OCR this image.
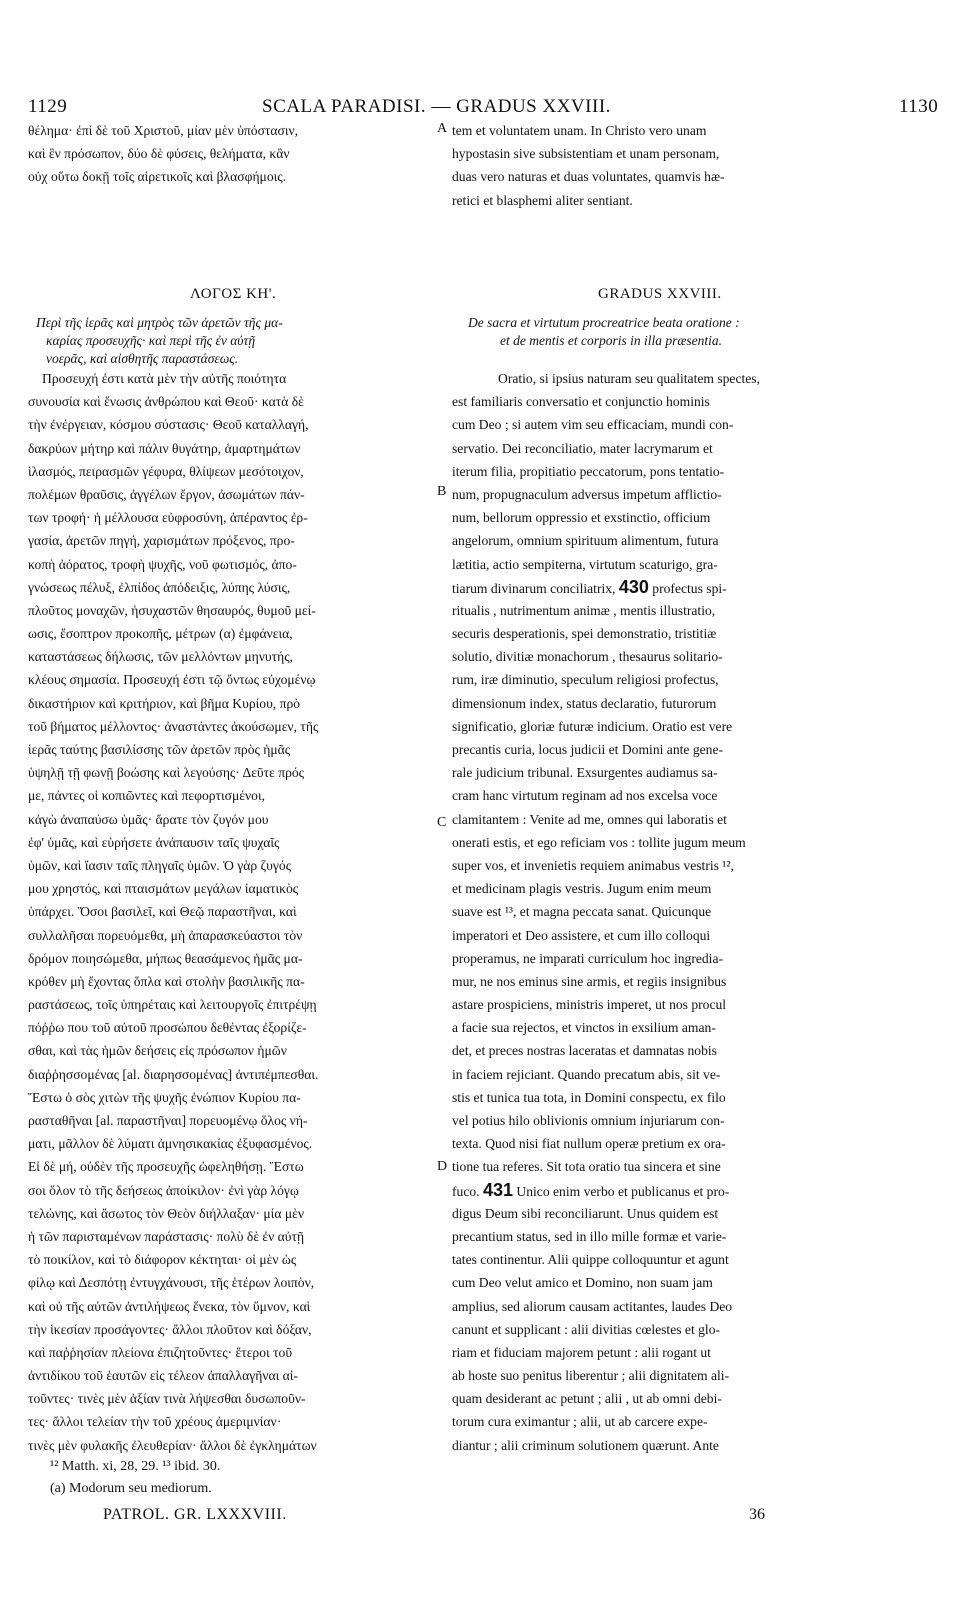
1129	SCALA PARADISI. — GRADUS XXVIII.	1130
θέλημα· ἐπὶ δὲ τοῦ Χριστοῦ, μίαν μὲν ὑπόστασιν,
καὶ ἓν πρόσωπον, δύο δὲ φύσεις, θελήματα, κἂν
οὐχ οὕτω δοκῇ τοῖς αἱρετικοῖς καὶ βλασφήμοις.
tem et voluntatem unam. In Christo vero unam
hypostasin sive subsistentiam et unam personam,
duas vero naturas et duas voluntates, quamvis hæ-
retici et blasphemi aliter sentiant.
ΛΟΓΟΣ ΚΗ'.	GRADUS XXVIII.
Περὶ τῆς ἱερᾶς καὶ μητρὸς τῶν ἀρετῶν τῆς μα-
καρίας προσευχῆς· καὶ περὶ τῆς ἐν αὐτῇ
νοερᾶς, καὶ αἰσθητῆς παραστάσεως.
De sacra et virtutum procreatrice beata oratione :
et de mentis et corporis in illa præsentia.
Προσευχή ἐστι κατὰ μὲν τὴν αὐτῆς ποιότητα
συνουσία καὶ ἕνωσις ἀνθρώπου καὶ Θεοῦ· κατὰ δὲ
τὴν ἐνέργειαν, κόσμου σύστασις· Θεοῦ καταλλαγή,
δακρύων μήτηρ καὶ πάλιν θυγάτηρ, ἁμαρτημάτων
ἱλασμός, πειρασμῶν γέφυρα, θλίψεων μεσότοιχον,
πολέμων θραῦσις, ἀγγέλων ἔργον, ἀσωμάτων πάν-
των τροφή· ἡ μέλλουσα εὐφροσύνη, ἀπέραντος ἐρ-
γασία, ἀρετῶν πηγή, χαρισμάτων πρόξενος, προ-
κοπὴ ἀόρατος, τροφὴ ψυχῆς, νοῦ φωτισμός, ἀπο-
γνώσεως πέλυξ, ἐλπίδος ἀπόδειξις, λύπης λύσις,
πλοῦτος μοναχῶν, ἡσυχαστῶν θησαυρός, θυμοῦ μεί-
ωσις, ἔσοπτρον προκοπῆς, μέτρων (α) ἐμφάνεια,
καταστάσεως δήλωσις, τῶν μελλόντων μηνυτής,
κλέους σημασία. Προσευχή ἐστι τῷ ὄντως εὐχομένῳ
δικαστήριον καὶ κριτήριον, καὶ βῆμα Κυρίου, πρὸ
τοῦ βήματος μέλλοντος· ἀναστάντες ἀκούσωμεν, τῆς
ἱερᾶς ταύτης βασιλίσσης τῶν ἀρετῶν πρὸς ἡμᾶς
ὑψηλῇ τῇ φωνῇ βοώσης καὶ λεγούσης· Δεῦτε πρός
με, πάντες οἱ κοπιῶντες καὶ πεφορτισμένοι,
κἀγὼ ἀναπαύσω ὑμᾶς· ἄρατε τὸν ζυγόν μου
ἐφ' ὑμᾶς, καὶ εὑρήσετε ἀνάπαυσιν ταῖς ψυχαῖς
ὑμῶν, καὶ ἴασιν ταῖς πληγαῖς ὑμῶν. Ὁ γὰρ ζυγός
μου χρηστός, καὶ πταισμάτων μεγάλων ἰαματικὸς
ὑπάρχει. Ὅσοι βασιλεῖ, καὶ Θεῷ παραστῆναι, καὶ
συλλαλῆσαι πορευόμεθα, μὴ ἀπαρασκεύαστοι τὸν
δρόμον ποιησώμεθα, μήπως θεασάμενος ἡμᾶς μα-
κρόθεν μὴ ἔχοντας ὅπλα καὶ στολὴν βασιλικῆς πα-
ραστάσεως, τοῖς ὑπηρέταις καὶ λειτουργοῖς ἐπιτρέψῃ
πόῤῥω που τοῦ αὐτοῦ προσώπου δεθέντας ἐξορίζε-
σθαι, καὶ τὰς ἡμῶν δεήσεις εἰς πρόσωπον ἡμῶν
διαῤῥησσομένας [al. διαρησσομένας] ἀντιπέμπεσθαι.
Ἔστω ὁ σὸς χιτὼν τῆς ψυχῆς ἐνώπιον Κυρίου πα-
ρασταθῆναι [al. παραστῆναι] πορευομένῳ ὅλος νή-
ματι, μᾶλλον δὲ λύματι ἀμνησικακίας ἐξυφασμένος.
Εἰ δὲ μή, οὐδὲν τῆς προσευχῆς ὠφεληθήσῃ. Ἔστω
σοι ὅλον τὸ τῆς δεήσεως ἀποίκιλον· ἐνὶ γὰρ λόγῳ
τελώνης, καὶ ἄσωτος τὸν Θεὸν διήλλαξαν· μία μὲν
ἡ τῶν παρισταμένων παράστασις· πολὺ δὲ ἐν αὐτῇ
τὸ ποικίλον, καὶ τὸ διάφορον κέκτηται· οἱ μὲν ὡς
φίλῳ καὶ Δεσπότῃ ἐντυγχάνουσι, τῆς ἑτέρων λοιπὸν,
καὶ οὐ τῆς αὐτῶν ἀντιλήψεως ἕνεκα, τὸν ὕμνον, καὶ
τὴν ἱκεσίαν προσάγοντες· ἄλλοι πλοῦτον καὶ δόξαν,
καὶ παῤῥησίαν πλείονα ἐπιζητοῦντες· ἕτεροι τοῦ
ἀντιδίκου τοῦ ἑαυτῶν εἰς τέλεον ἀπαλλαγῆναι αἰ-
τοῦντες· τινὲς μὲν ἀξίαν τινὰ λήψεσθαι δυσωποῦν-
τες· ἄλλοι τελείαν τὴν τοῦ χρέους ἀμεριμνίαν·
τινὲς μὲν φυλακῆς ἐλευθερίαν· ἄλλοι δὲ ἐγκλημάτων
Oratio, si ipsius naturam seu qualitatem spectes,
est familiaris conversatio et conjunctio hominis
cum Deo ; si autem vim seu efficaciam, mundi con-
servatio. Dei reconciliatio, mater lacrymarum et
iterum filia, propitiatio peccatorum, pons tentatio-
num, propugnaculum adversus impetum afflictio-
num, bellorum oppressio et exstinctio, officium
angelorum, omnium spirituum alimentum, futura
lætitia, actio sempiterna, virtutum scaturigo, gra-
tiarum divinarum conciliatrix, 430 profectus spi-
ritualis , nutrimentum animæ , mentis illustratio,
securis desperationis, spei demonstratio, tristitiæ
solutio, divitiæ monachorum , thesaurus solitario-
rum, iræ diminutio, speculum religiosi profectus,
dimensionum index, status declaratio, futurorum
significatio, gloriæ futuræ indicium. Oratio est vere
precantis curia, locus judicii et Domini ante gene-
rale judicium tribunal. Exsurgentes audiamus sa-
cram hanc virtutum reginam ad nos excelsa voce
clamitantem : Venite ad me, omnes qui laboratis et
onerati estis, et ego reficiam vos : tollite jugum meum
super vos, et invenietis requiem animabus vestris ¹²,
et medicinam plagis vestris. Jugum enim meum
suave est ¹³, et magna peccata sanat. Quicunque
imperatori et Deo assistere, et cum illo colloqui
properamus, ne imparati curriculum hoc ingredia-
mur, ne nos eminus sine armis, et regiis insignibus
astare prospiciens, ministris imperet, ut nos procul
a facie sua rejectos, et vinctos in exsilium aman-
det, et preces nostras laceratas et damnatas nobis
in faciem rejiciant. Quando precatum abis, sit ve-
stis et tunica tua tota, in Domini conspectu, ex filo
vel potius hilo oblivionis omnium injuriarum con-
texta. Quod nisi fiat nullum operæ pretium ex ora-
tione tua referes. Sit tota oratio tua sincera et sine
fuco. 431 Unico enim verbo et publicanus et pro-
digus Deum sibi reconciliarunt. Unus quidem est
precantium status, sed in illo mille formæ et varie-
tates continentur. Alii quippe colloquuntur et agunt
cum Deo velut amico et Domino, non suam jam
amplius, sed aliorum causam actitantes, laudes Deo
canunt et supplicant : alii divitias cœlestes et glo-
riam et fiduciam majorem petunt : alii rogant ut
ab hoste suo penitus liberentur ; alii dignitatem ali-
quam desiderant ac petunt ; alii , ut ab omni debi-
torum cura eximantur ; alii, ut ab carcere expe-
diantur ; alii criminum solutionem quærunt. Ante
A
B
C
D
¹² Matth. xi, 28, 29. ¹³ ibid. 30.
(a) Modorum seu mediorum.
PATROL. GR. LXXXVIII.	36
